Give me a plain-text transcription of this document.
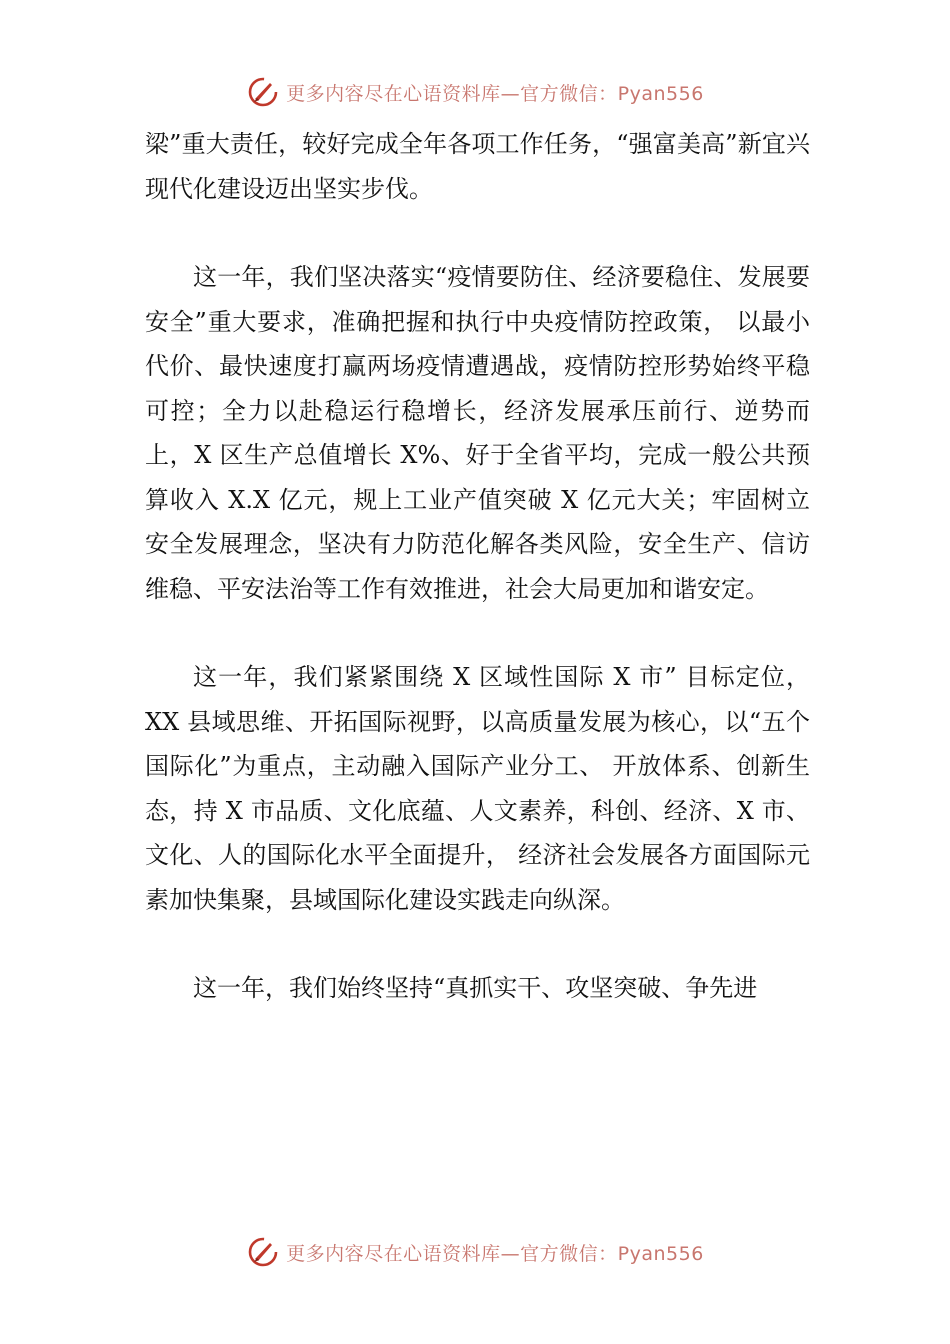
更多内容尽在心语资料库—官方微信：Pyan556

梁”重大责任，较好完成全年各项工作任务，“强富美高”新宜兴现代化建设迈出坚实步伐。

这一年，我们坚决落实“疫情要防住、经济要稳住、发展要安全”重大要求，准确把握和执行中央疫情防控政策， 以最小代价、最快速度打赢两场疫情遭遇战，疫情防控形势始终平稳可控；全力以赴稳运行稳增长，经济发展承压前行、逆势而上，X 区生产总值增长 X%、好于全省平均，完成一般公共预算收入 X.X 亿元，规上工业产值突破 X 亿元大关；牢固树立安全发展理念，坚决有力防范化解各类风险，安全生产、信访维稳、平安法治等工作有效推进，社会大局更加和谐安定。

这一年，我们紧紧围绕 X 区域性国际 X 市” 目标定位，XX 县域思维、开拓国际视野，以高质量发展为核心，以“五个国际化”为重点，主动融入国际产业分工、 开放体系、创新生态，持 X 市品质、文化底蕴、人文素养，科创、经济、X 市、文化、人的国际化水平全面提升， 经济社会发展各方面国际元素加快集聚，县域国际化建设实践走向纵深。

这一年，我们始终坚持“真抓实干、攻坚突破、争先进

更多内容尽在心语资料库—官方微信：Pyan556
